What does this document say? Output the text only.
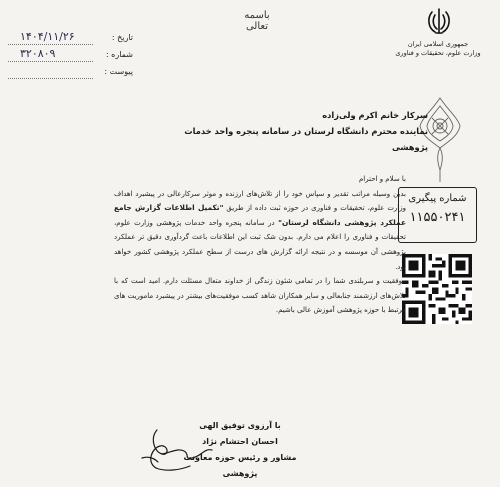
باسمه تعالی
جمهوری اسلامی ایران
وزارت علوم، تحقیقات و فناوری
تاریخ :
۱۴۰۴/۱۱/۲۶
شماره :
۳۲۰۸۰۹
پیوست :
شماره پیگیری
۱۱۵۵۰۲۴۱
سرکار خانم اکرم ولی‌زاده
نماینده محترم دانشگاه لرستان در سامانه پنجره واحد خدمات پژوهشی

با سلام و احترام

بدین وسیله مراتب تقدیر و سپاس خود را از تلاش‌های ارزنده و موثر سرکارعالی در پیشبرد اهداف وزارت علوم، تحقیقات و فناوری در حوزه ثبت داده از طریق "تکمیل اطلاعات گزارش جامع عملکرد پژوهشی دانشگاه لرستان" در سامانه پنجره واحد خدمات پژوهشی وزارت علوم، تحقیقات و فناوری را اعلام می دارم. بدون شک ثبت این اطلاعات باعث گردآوری دقیق تر عملکرد پژوهشی آن موسسه و در نتیجه ارائه گزارش های درست از سطح عملکرد پژوهشی کشور خواهد بود.

موفقیت و سربلندی شما را در تمامی شئون زندگی از خداوند متعال مسئلت دارم. امید است که با تلاش‌های ارزشمند جنابعالی و سایر همکاران شاهد کسب موفقیت‌های بیشتر در پیشبرد ماموریت های مرتبط با حوزه پژوهشی آموزش عالی باشیم.

با آرزوی توفیق الهی
احسان احتشام نژاد
مشاور و رئیس حوزه معاونت پژوهشی
